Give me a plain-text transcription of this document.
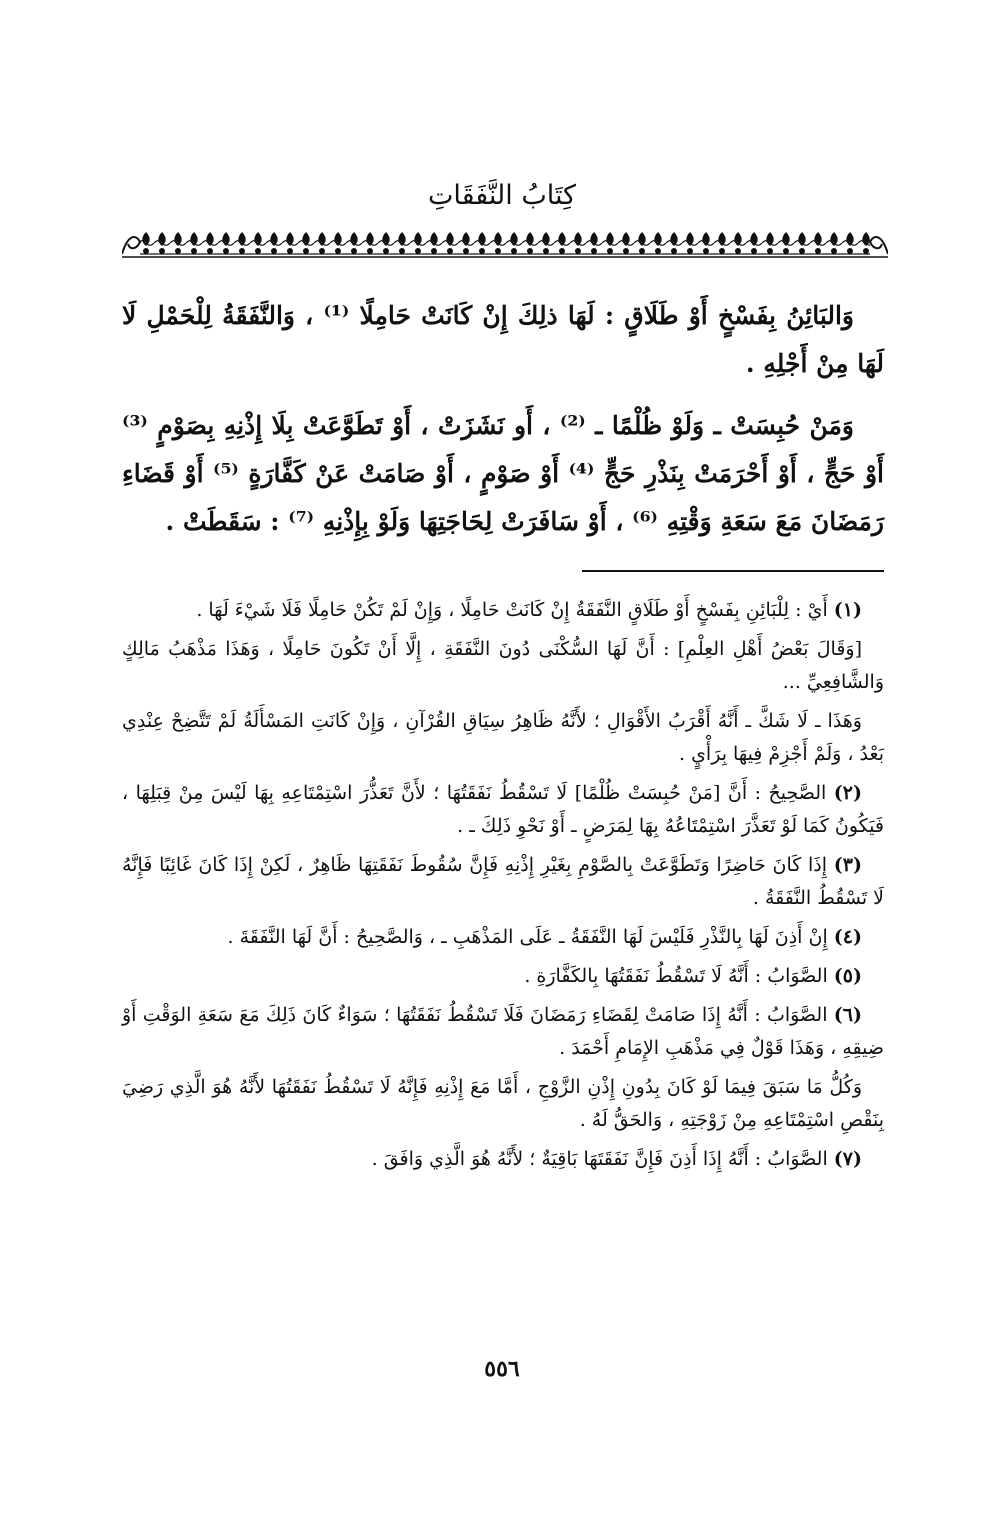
كِتَابُ النَّفَقَاتِ

وَالبَائِنُ بِفَسْخٍ أَوْ طَلَاقٍ : لَهَا ذلِكَ إِنْ كَانَتْ حَامِلًا ⁽¹⁾ ، وَالنَّفَقَةُ لِلْحَمْلِ لَا لَهَا مِنْ أَجْلِهِ .

وَمَنْ حُبِسَتْ ـ وَلَوْ ظُلْمًا ـ ⁽²⁾ ، أَو نَشَزَتْ ، أَوْ تَطَوَّعَتْ بِلَا إِذْنِهِ بِصَوْمٍ ⁽³⁾ أَوْ حَجٍّ ، أَوْ أَحْرَمَتْ بِنَذْرِ حَجٍّ ⁽⁴⁾ أَوْ صَوْمٍ ، أَوْ صَامَتْ عَنْ كَفَّارَةٍ ⁽⁵⁾ أَوْ قَضَاءِ رَمَضَانَ مَعَ سَعَةِ وَقْتِهِ ⁽⁶⁾ ، أَوْ سَافَرَتْ لِحَاجَتِهَا وَلَوْ بِإِذْنِهِ ⁽⁷⁾ : سَقَطَتْ .

(١) أَيْ : لِلْبَائِنِ بِفَسْخٍ أَوْ طَلَاقٍ النَّفَقَةُ إِنْ كَانَتْ حَامِلًا ، وَإِنْ لَمْ تَكُنْ حَامِلًا فَلَا شَيْءَ لَهَا .

[وَقَالَ بَعْضُ أَهْلِ العِلْمِ] : أَنَّ لَهَا السُّكْنَى دُونَ النَّفَقَةِ ، إِلَّا أَنْ تَكُونَ حَامِلًا ، وَهَذَا مَذْهَبُ مَالِكٍ وَالشَّافِعِيِّ ...

وَهَذَا ـ لَا شَكَّ ـ أَنَّهُ أَقْرَبُ الأَقْوَالِ ؛ لأَنَّهُ ظَاهِرُ سِيَاقِ القُرْآنِ ، وَإِنْ كَانَتِ المَسْأَلَةُ لَمْ تَتَّضِحْ عِنْدِي بَعْدُ ، وَلَمْ أَجْزِمْ فِيهَا بِرَأْيٍ .

(٢) الصَّحِيحُ : أَنَّ [مَنْ حُبِسَتْ ظُلْمًا] لَا تَسْقُطُ نَفَقَتُهَا ؛ لأَنَّ تَعَذُّرَ اسْتِمْتَاعِهِ بِهَا لَيْسَ مِنْ قِبَلِهَا ، فَيَكُونُ كَمَا لَوْ تَعَذَّرَ اسْتِمْتَاعُهُ بِهَا لِمَرَضٍ ـ أَوْ نَحْوِ ذَلِكَ ـ .

(٣) إِذَا كَانَ حَاضِرًا وَتَطَوَّعَتْ بِالصَّوْمِ بِغَيْرِ إِذْنِهِ فَإِنَّ سُقُوطَ نَفَقَتِهَا ظَاهِرٌ ، لَكِنْ إِذَا كَانَ غَائِبًا فَإِنَّهُ لَا تَسْقُطُ النَّفَقَةُ .

(٤) إِنْ أَذِنَ لَهَا بِالنَّذْرِ فَلَيْسَ لَهَا النَّفَقَةُ ـ عَلَى المَذْهَبِ ـ ، وَالصَّحِيحُ : أَنَّ لَهَا النَّفَقَةَ .

(٥) الصَّوَابُ : أَنَّهُ لَا تَسْقُطُ نَفَقَتُهَا بِالكَفَّارَةِ .

(٦) الصَّوَابُ : أَنَّهُ إِذَا صَامَتْ لِقَضَاءِ رَمَضَانَ فَلَا تَسْقُطُ نَفَقَتُهَا ؛ سَوَاءٌ كَانَ ذَلِكَ مَعَ سَعَةِ الوَقْتِ أَوْ ضِيقِهِ ، وَهَذَا قَوْلٌ فِي مَذْهَبِ الإِمَامِ أَحْمَدَ .

وَكُلُّ مَا سَبَقَ فِيمَا لَوْ كَانَ بِدُونِ إِذْنِ الزَّوْجِ ، أَمَّا مَعَ إِذْنِهِ فَإِنَّهُ لَا تَسْقُطُ نَفَقَتُهَا لأَنَّهُ هُوَ الَّذِي رَضِيَ بِنَقْصِ اسْتِمْتَاعِهِ مِنْ زَوْجَتِهِ ، وَالحَقُّ لَهُ .

(٧) الصَّوَابُ : أَنَّهُ إِذَا أَذِنَ فَإِنَّ نَفَقَتَهَا بَاقِيَةٌ ؛ لأَنَّهُ هُوَ الَّذِي وَافَقَ .

٥٥٦
